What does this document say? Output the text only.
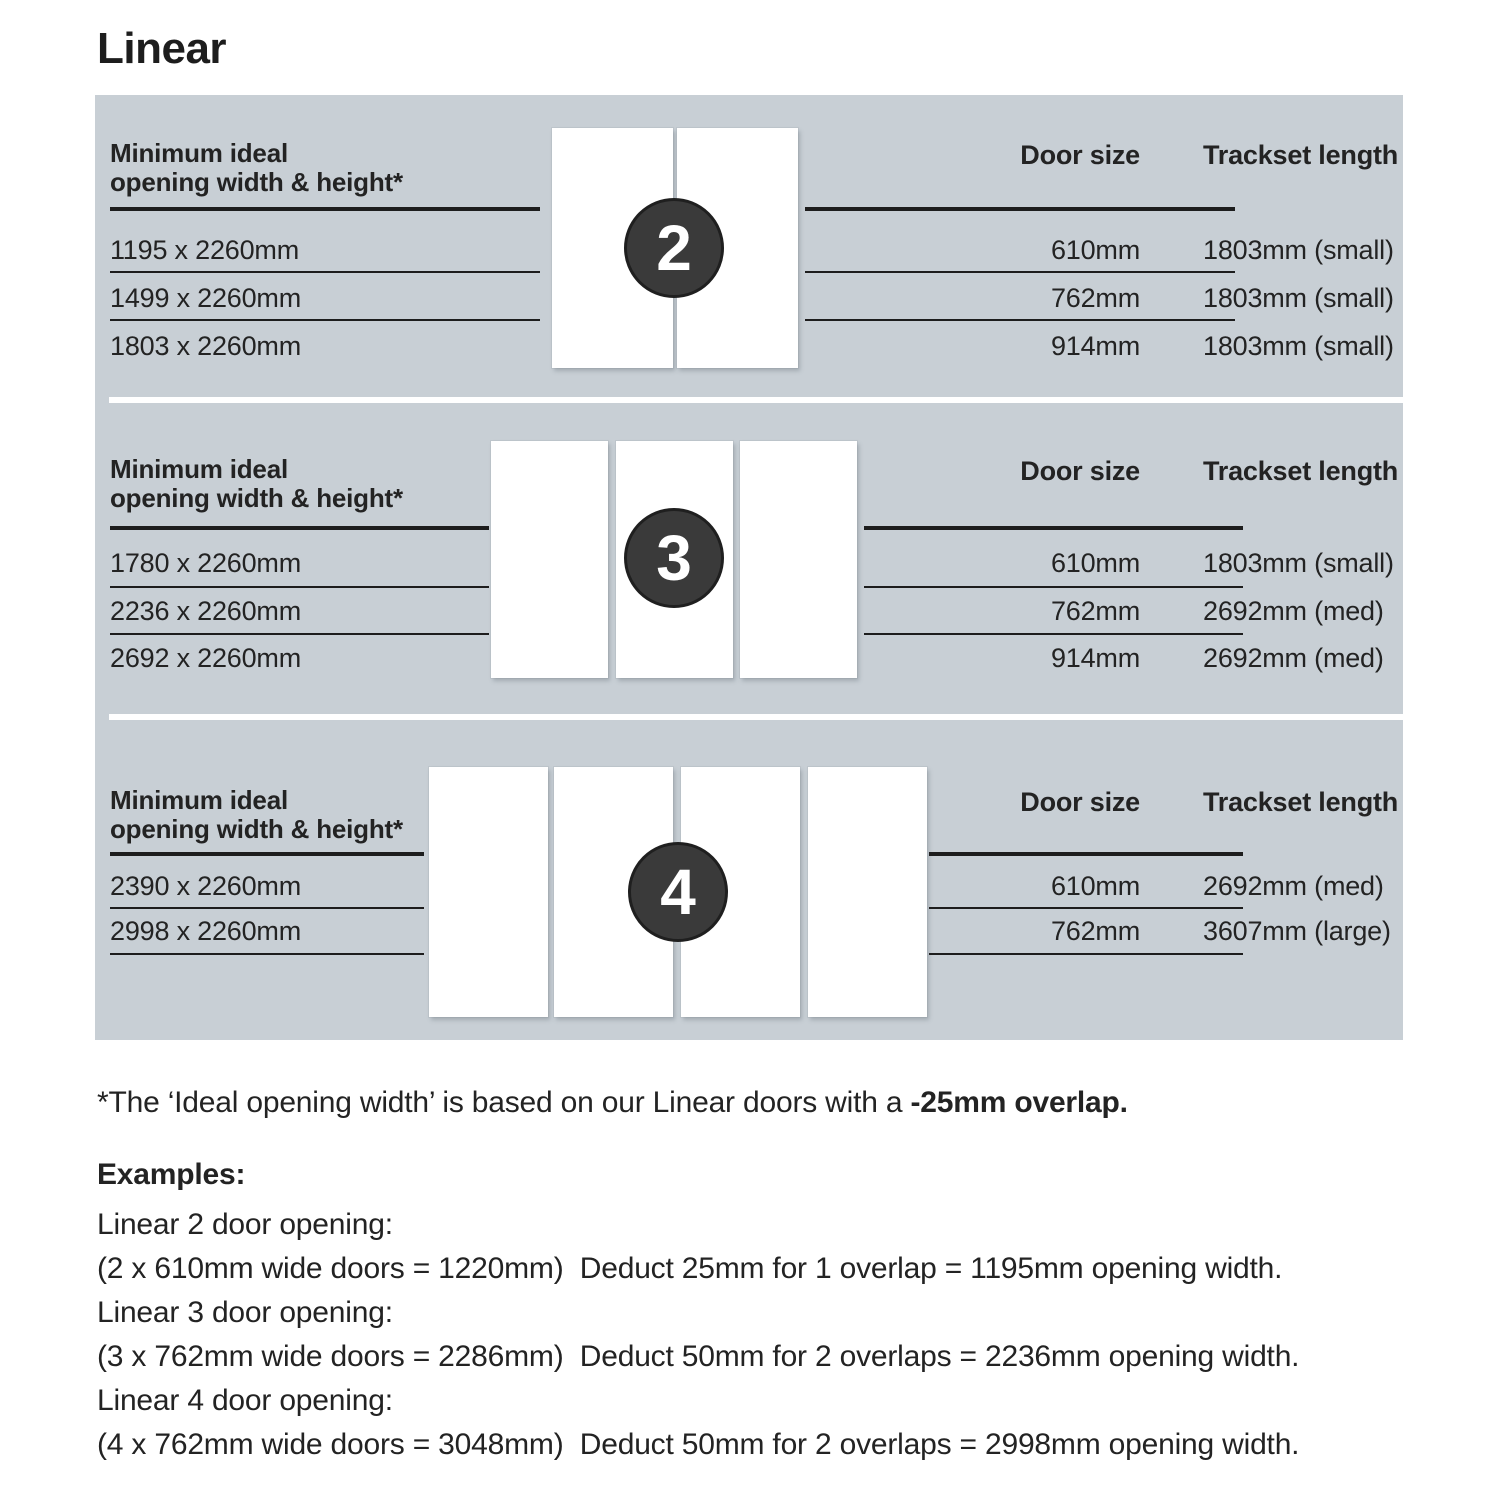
Linear
Minimum ideal
opening width & height*
1195 x 2260mm
1499 x 2260mm
1803 x 2260mm
2
Door size Trackset length
610mm 1803mm (small)
762mm 1803mm (small)
914mm 1803mm (small)
Minimum ideal
opening width & height*
1780 x 2260mm
2236 x 2260mm
2692 x 2260mm
3
Door size Trackset length
610mm 1803mm (small)
762mm 2692mm (med)
914mm 2692mm (med)
Minimum ideal
opening width & height*
2390 x 2260mm
2998 x 2260mm
4
Door size Trackset length
610mm 2692mm (med)
762mm 3607mm (large)

*The ‘Ideal opening width’ is based on our Linear doors with a -25mm overlap.

Examples:
Linear 2 door opening:
(2 x 610mm wide doors = 1220mm)  Deduct 25mm for 1 overlap = 1195mm opening width.
Linear 3 door opening:
(3 x 762mm wide doors = 2286mm)  Deduct 50mm for 2 overlaps = 2236mm opening width.
Linear 4 door opening:
(4 x 762mm wide doors = 3048mm)  Deduct 50mm for 2 overlaps = 2998mm opening width.
